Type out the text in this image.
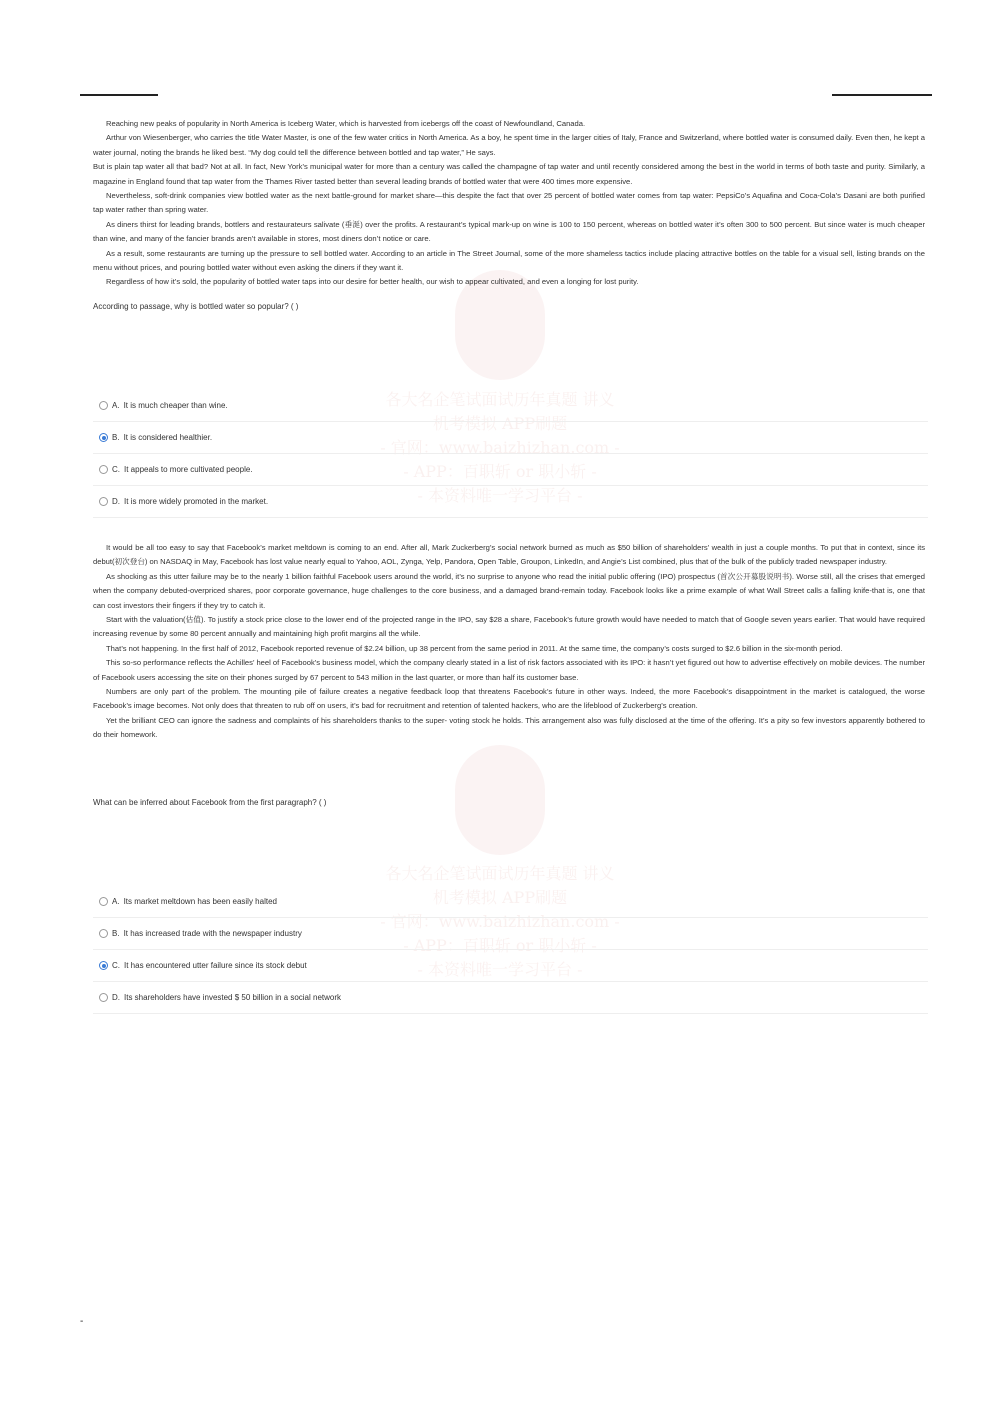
各大名企笔试面试历年真题 讲义
机考模拟 APP刷题
- 官网：www.baizhizhan.com -
- APP：百职斩 or 职小斩 -
- 本资料唯一学习平台 -
各大名企笔试面试历年真题 讲义
机考模拟 APP刷题
- 官网：www.baizhizhan.com -
- APP：百职斩 or 职小斩 -
- 本资料唯一学习平台 -

Reaching new peaks of popularity in North America is Iceberg Water, which is harvested from icebergs off the coast of Newfoundland, Canada.

Arthur von Wiesenberger, who carries the title Water Master, is one of the few water critics in North America. As a boy, he spent time in the larger cities of Italy, France and Switzerland, where bottled water is consumed daily. Even then, he kept a water journal, noting the brands he liked best. “My dog could tell the difference between bottled and tap water,” He says.

But is plain tap water all that bad? Not at all. In fact, New York’s municipal water for more than a century was called the champagne of tap water and until recently considered among the best in the world in terms of both taste and purity. Similarly, a magazine in England found that tap water from the Thames River tasted better than several leading brands of bottled water that were 400 times more expensive.

Nevertheless, soft-drink companies view bottled water as the next battle-ground for market share—this despite the fact that over 25 percent of bottled water comes from tap water: PepsiCo’s Aquafina and Coca-Cola’s Dasani are both purified tap water rather than spring water.

As diners thirst for leading brands, bottlers and restaurateurs salivate (垂涎) over the profits. A restaurant’s typical mark-up on wine is 100 to 150 percent, whereas on bottled water it’s often 300 to 500 percent. But since water is much cheaper than wine, and many of the fancier brands aren’t available in stores, most diners don’t notice or care.

As a result, some restaurants are turning up the pressure to sell bottled water. According to an article in The Street Journal, some of the more shameless tactics include placing attractive bottles on the table for a visual sell, listing brands on the menu without prices, and pouring bottled water without even asking the diners if they want it.

Regardless of how it’s sold, the popularity of bottled water taps into our desire for better health, our wish to appear cultivated, and even a longing for lost purity.

According to passage, why is bottled water so popular? ( )
A. It is much cheaper than wine.
B. It is considered healthier.
C. It appeals to more cultivated people.
D. It is more widely promoted in the market.

It would be all too easy to say that Facebook’s market meltdown is coming to an end. After all, Mark Zuckerberg’s social network burned as much as $50 billion of shareholders’ wealth in just a couple months. To put that in context, since its debut(初次登台) on NASDAQ in May, Facebook has lost value nearly equal to Yahoo, AOL, Zynga, Yelp, Pandora, Open Table, Groupon, LinkedIn, and Angie’s List combined, plus that of the bulk of the publicly traded newspaper industry.

As shocking as this utter failure may be to the nearly 1 billion faithful Facebook users around the world, it’s no surprise to anyone who read the initial public offering (IPO) prospectus (首次公开募股说明书). Worse still, all the crises that emerged when the company debuted-overpriced shares, poor corporate governance, huge challenges to the core business, and a damaged brand-remain today. Facebook looks like a prime example of what Wall Street calls a falling knife-that is, one that can cost investors their fingers if they try to catch it.

Start with the valuation(估值). To justify a stock price close to the lower end of the projected range in the IPO, say $28 a share, Facebook’s future growth would have needed to match that of Google seven years earlier. That would have required increasing revenue by some 80 percent annually and maintaining high profit margins all the while.

That’s not happening. In the first half of 2012, Facebook reported revenue of $2.24 billion, up 38 percent from the same period in 2011. At the same time, the company’s costs surged to $2.6 billion in the six-month period.

This so-so performance reflects the Achilles’ heel of Facebook’s business model, which the company clearly stated in a list of risk factors associated with its IPO: it hasn’t yet figured out how to advertise effectively on mobile devices. The number of Facebook users accessing the site on their phones surged by 67 percent to 543 million in the last quarter, or more than half its customer base.

Numbers are only part of the problem. The mounting pile of failure creates a negative feedback loop that threatens Facebook’s future in other ways. Indeed, the more Facebook’s disappointment in the market is catalogued, the worse Facebook’s image becomes. Not only does that threaten to rub off on users, it’s bad for recruitment and retention of talented hackers, who are the lifeblood of Zuckerberg’s creation.

Yet the brilliant CEO can ignore the sadness and complaints of his shareholders thanks to the super- voting stock he holds. This arrangement also was fully disclosed at the time of the offering. It’s a pity so few investors apparently bothered to do their homework.

What can be inferred about Facebook from the first paragraph? ( )
A. Its market meltdown has been easily halted
B. It has increased trade with the newspaper industry
C. It has encountered utter failure since its stock debut
D. Its shareholders have invested $ 50 billion in a social network
-
